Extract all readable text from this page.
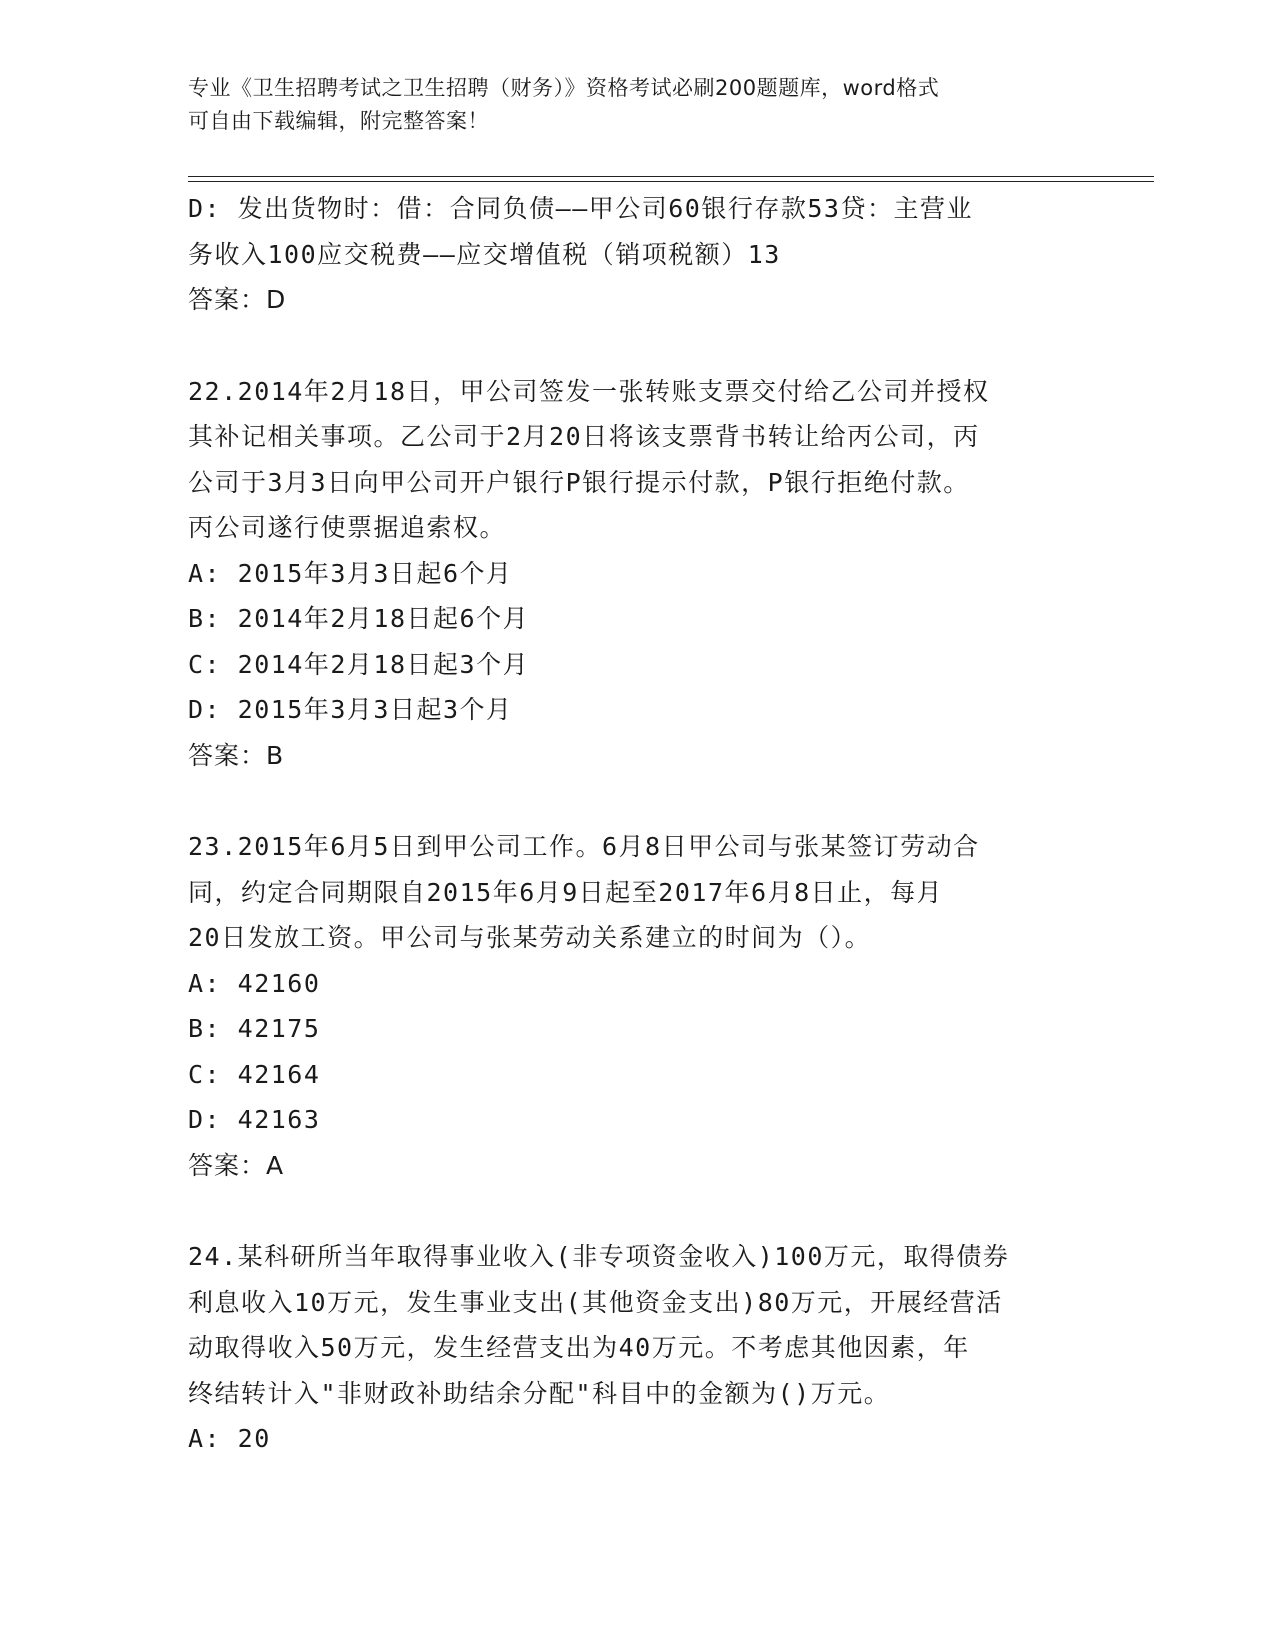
专业《卫生招聘考试之卫生招聘（财务）》资格考试必刷200题题库，word格式
可自由下载编辑，附完整答案！

D: 发出货物时：借：合同负债——甲公司60银行存款53贷：主营业

务收入100应交税费——应交增值税（销项税额）13

答案：D

22.2014年2月18日，甲公司签发一张转账支票交付给乙公司并授权

其补记相关事项。乙公司于2月20日将该支票背书转让给丙公司，丙

公司于3月3日向甲公司开户银行P银行提示付款，P银行拒绝付款。

丙公司遂行使票据追索权。

A: 2015年3月3日起6个月

B: 2014年2月18日起6个月

C: 2014年2月18日起3个月

D: 2015年3月3日起3个月

答案：B

23.2015年6月5日到甲公司工作。6月8日甲公司与张某签订劳动合

同，约定合同期限自2015年6月9日起至2017年6月8日止，每月

20日发放工资。甲公司与张某劳动关系建立的时间为（）。

A: 42160

B: 42175

C: 42164

D: 42163

答案：A

24.某科研所当年取得事业收入(非专项资金收入)100万元，取得债券

利息收入10万元，发生事业支出(其他资金支出)80万元，开展经营活

动取得收入50万元，发生经营支出为40万元。不考虑其他因素，年

终结转计入"非财政补助结余分配"科目中的金额为()万元。

A: 20
